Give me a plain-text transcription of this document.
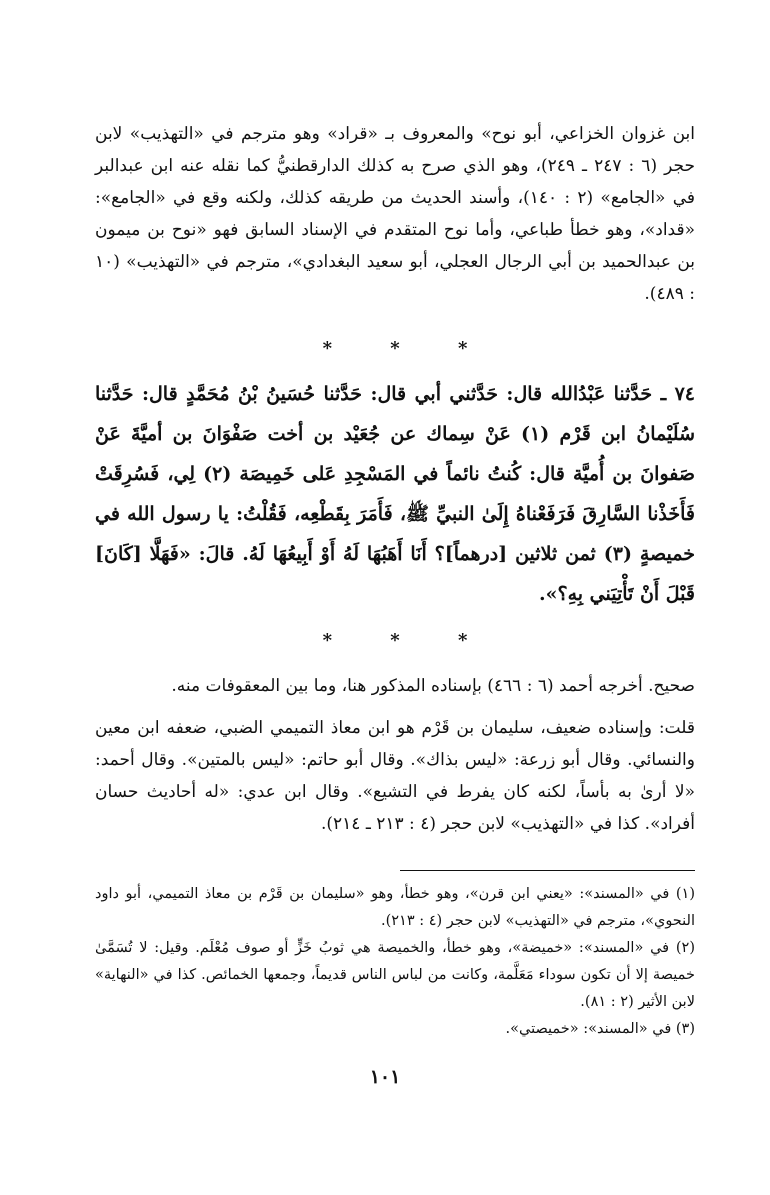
ابن غزوان الخزاعي، أبو نوح» والمعروف بـ «قراد» وهو مترجم في «التهذيب» لابن حجر (٦ : ٢٤٧ ـ ٢٤٩)، وهو الذي صرح به كذلك الدارقطنيُّ كما نقله عنه ابن عبدالبر في «الجامع» (٢ : ١٤٠)، وأسند الحديث من طريقه كذلك، ولكنه وقع في «الجامع»: «قداد»، وهو خطأ طباعي، وأما نوح المتقدم في الإسناد السابق فهو «نوح بن ميمون بن عبدالحميد بن أبي الرجال العجلي، أبو سعيد البغدادي»، مترجم في «التهذيب» (١٠ : ٤٨٩).

* * *

٧٤ ـ حَدَّثنا عَبْدُالله قال: حَدَّثني أبي قال: حَدَّثنا حُسَينُ بْنُ مُحَمَّدٍ قال: حَدَّثنا سُلَيْمانُ ابن قَرْم (١) عَنْ سِماك عن جُعَيْد بن أخت صَفْوَانَ بن أميَّةَ عَنْ صَفوانَ بن أُميَّة قال: كُنتُ نائماً في المَسْجِدِ عَلى خَمِيصَة (٢) لِي، فَسُرِقَتْ فَأَخَذْنا السَّارِقَ فَرَفَعْناهُ إِلَىٰ النبيِّ ﷺ، فَأَمَرَ بِقَطْعِه، فَقُلْتُ: يا رسول الله في خميصةٍ (٣) ثمن ثلاثين [درهماً]؟ أَنَا أَهَبُهَا لَهُ أَوْ أَبِيعُهَا لَهُ. قالَ: «فَهَلَّا [كَانَ] قَبْلَ أَنْ تَأْتِيَني بِهِ؟».

* * *

صحيح. أخرجه أحمد (٦ : ٤٦٦) بإسناده المذكور هنا، وما بين المعقوفات منه.

قلت: وإسناده ضعيف، سليمان بن قَرْم هو ابن معاذ التميمي الضبي، ضعفه ابن معين والنسائي. وقال أبو زرعة: «ليس بذاك». وقال أبو حاتم: «ليس بالمتين». وقال أحمد: «لا أرىٰ به بأساً، لكنه كان يفرط في التشيع». وقال ابن عدي: «له أحاديث حسان أفراد». كذا في «التهذيب» لابن حجر (٤ : ٢١٣ ـ ٢١٤).

(١) في «المسند»: «يعني ابن قرن»، وهو خطأ، وهو «سليمان بن قَرْم بن معاذ التميمي، أبو داود النحوي»، مترجم في «التهذيب» لابن حجر (٤ : ٢١٣).

(٢) في «المسند»: «خميضة»، وهو خطأ، والخميصة هي ثوبُ خَزٍّ أو صوف مُعْلَم. وقيل: لا تُسَمَّىٰ خميصة إلا أن تكون سوداء مَعَلَّمة، وكانت من لباس الناس قديماً، وجمعها الخمائص. كذا في «النهاية» لابن الأثير (٢ : ٨١).

(٣) في «المسند»: «خميصتي».

١٠١
